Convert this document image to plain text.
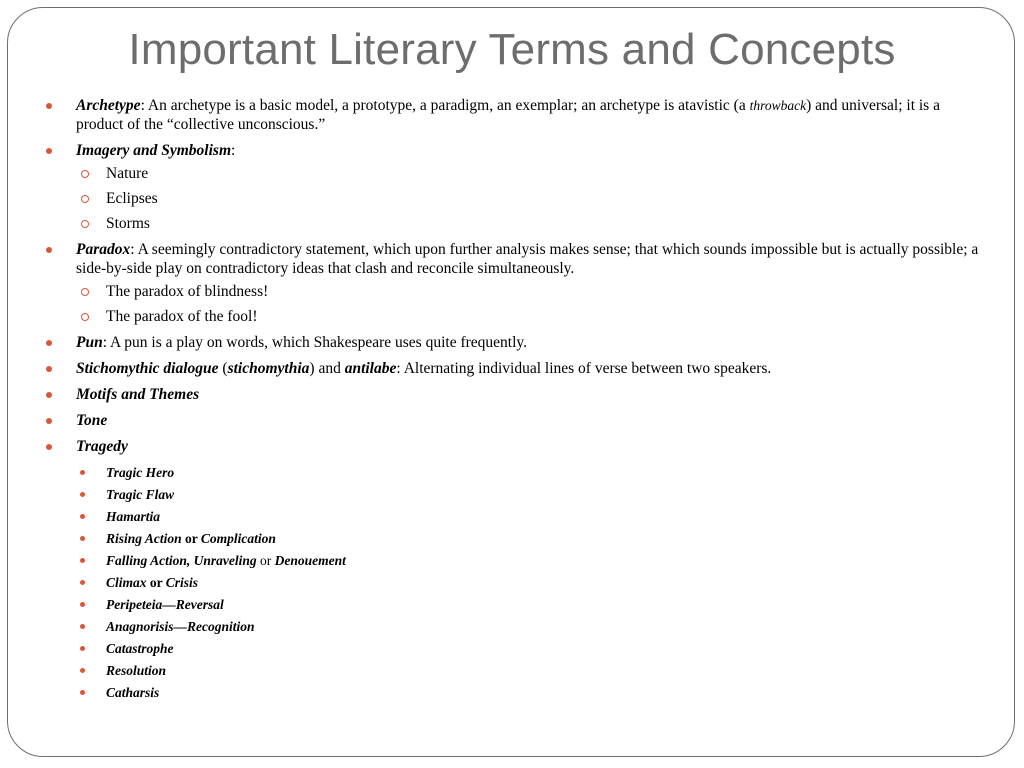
Important Literary Terms and Concepts
Archetype: An archetype is a basic model, a prototype, a paradigm, an exemplar; an archetype is atavistic (a throwback) and universal; it is a product of the “collective unconscious.”
Imagery and Symbolism:
Nature
Eclipses
Storms
Paradox: A seemingly contradictory statement, which upon further analysis makes sense; that which sounds impossible but is actually possible; a side-by-side play on contradictory ideas that clash and reconcile simultaneously.
The paradox of blindness!
The paradox of the fool!
Pun: A pun is a play on words, which Shakespeare uses quite frequently.
Stichomythic dialogue (stichomythia) and antilabe: Alternating individual lines of verse between two speakers.
Motifs and Themes
Tone
Tragedy
Tragic Hero
Tragic Flaw
Hamartia
Rising Action or Complication
Falling Action, Unraveling or Denouement
Climax or Crisis
Peripeteia—Reversal
Anagnorisis—Recognition
Catastrophe
Resolution
Catharsis
